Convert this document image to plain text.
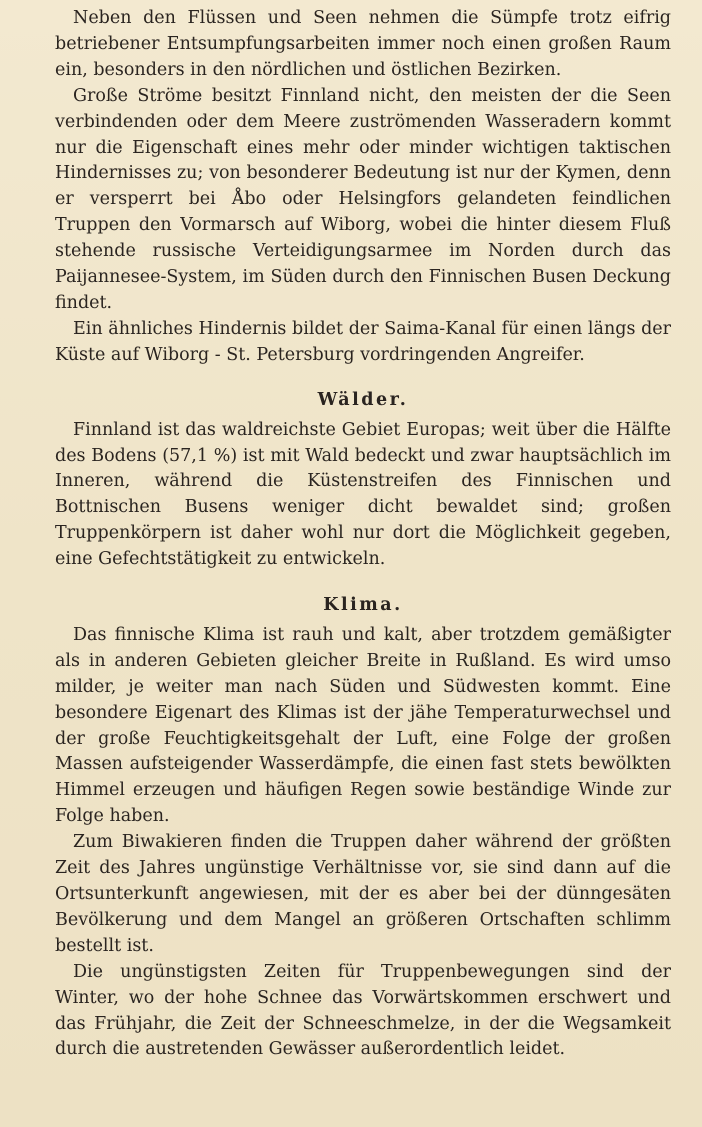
Neben den Flüssen und Seen nehmen die Sümpfe trotz eifrig betriebener Entsumpfungsarbeiten immer noch einen großen Raum ein, besonders in den nördlichen und östlichen Bezirken.

Große Ströme besitzt Finnland nicht, den meisten der die Seen verbindenden oder dem Meere zuströmenden Wasseradern kommt nur die Eigenschaft eines mehr oder minder wichtigen taktischen Hindernisses zu; von besonderer Bedeutung ist nur der Kymen, denn er versperrt bei Åbo oder Helsingfors gelandeten feindlichen Truppen den Vormarsch auf Wiborg, wobei die hinter diesem Fluß stehende russische Verteidigungsarmee im Norden durch das Paijannesee-System, im Süden durch den Finnischen Busen Deckung findet.

Ein ähnliches Hindernis bildet der Saima-Kanal für einen längs der Küste auf Wiborg - St. Petersburg vordringenden Angreifer.

Wälder.

Finnland ist das waldreichste Gebiet Europas; weit über die Hälfte des Bodens (57,1 %) ist mit Wald bedeckt und zwar hauptsächlich im Inneren, während die Küstenstreifen des Finnischen und Bottnischen Busens weniger dicht bewaldet sind; großen Truppenkörpern ist daher wohl nur dort die Möglichkeit gegeben, eine Gefechtstätigkeit zu entwickeln.

Klima.

Das finnische Klima ist rauh und kalt, aber trotzdem gemäßigter als in anderen Gebieten gleicher Breite in Rußland. Es wird umso milder, je weiter man nach Süden und Südwesten kommt. Eine besondere Eigenart des Klimas ist der jähe Temperaturwechsel und der große Feuchtigkeitsgehalt der Luft, eine Folge der großen Massen aufsteigender Wasserdämpfe, die einen fast stets bewölkten Himmel erzeugen und häufigen Regen sowie beständige Winde zur Folge haben.

Zum Biwakieren finden die Truppen daher während der größten Zeit des Jahres ungünstige Verhältnisse vor, sie sind dann auf die Ortsunterkunft angewiesen, mit der es aber bei der dünngesäten Bevölkerung und dem Mangel an größeren Ortschaften schlimm bestellt ist.

Die ungünstigsten Zeiten für Truppenbewegungen sind der Winter, wo der hohe Schnee das Vorwärtskommen erschwert und das Frühjahr, die Zeit der Schneeschmelze, in der die Wegsamkeit durch die austretenden Gewässer außerordentlich leidet.
